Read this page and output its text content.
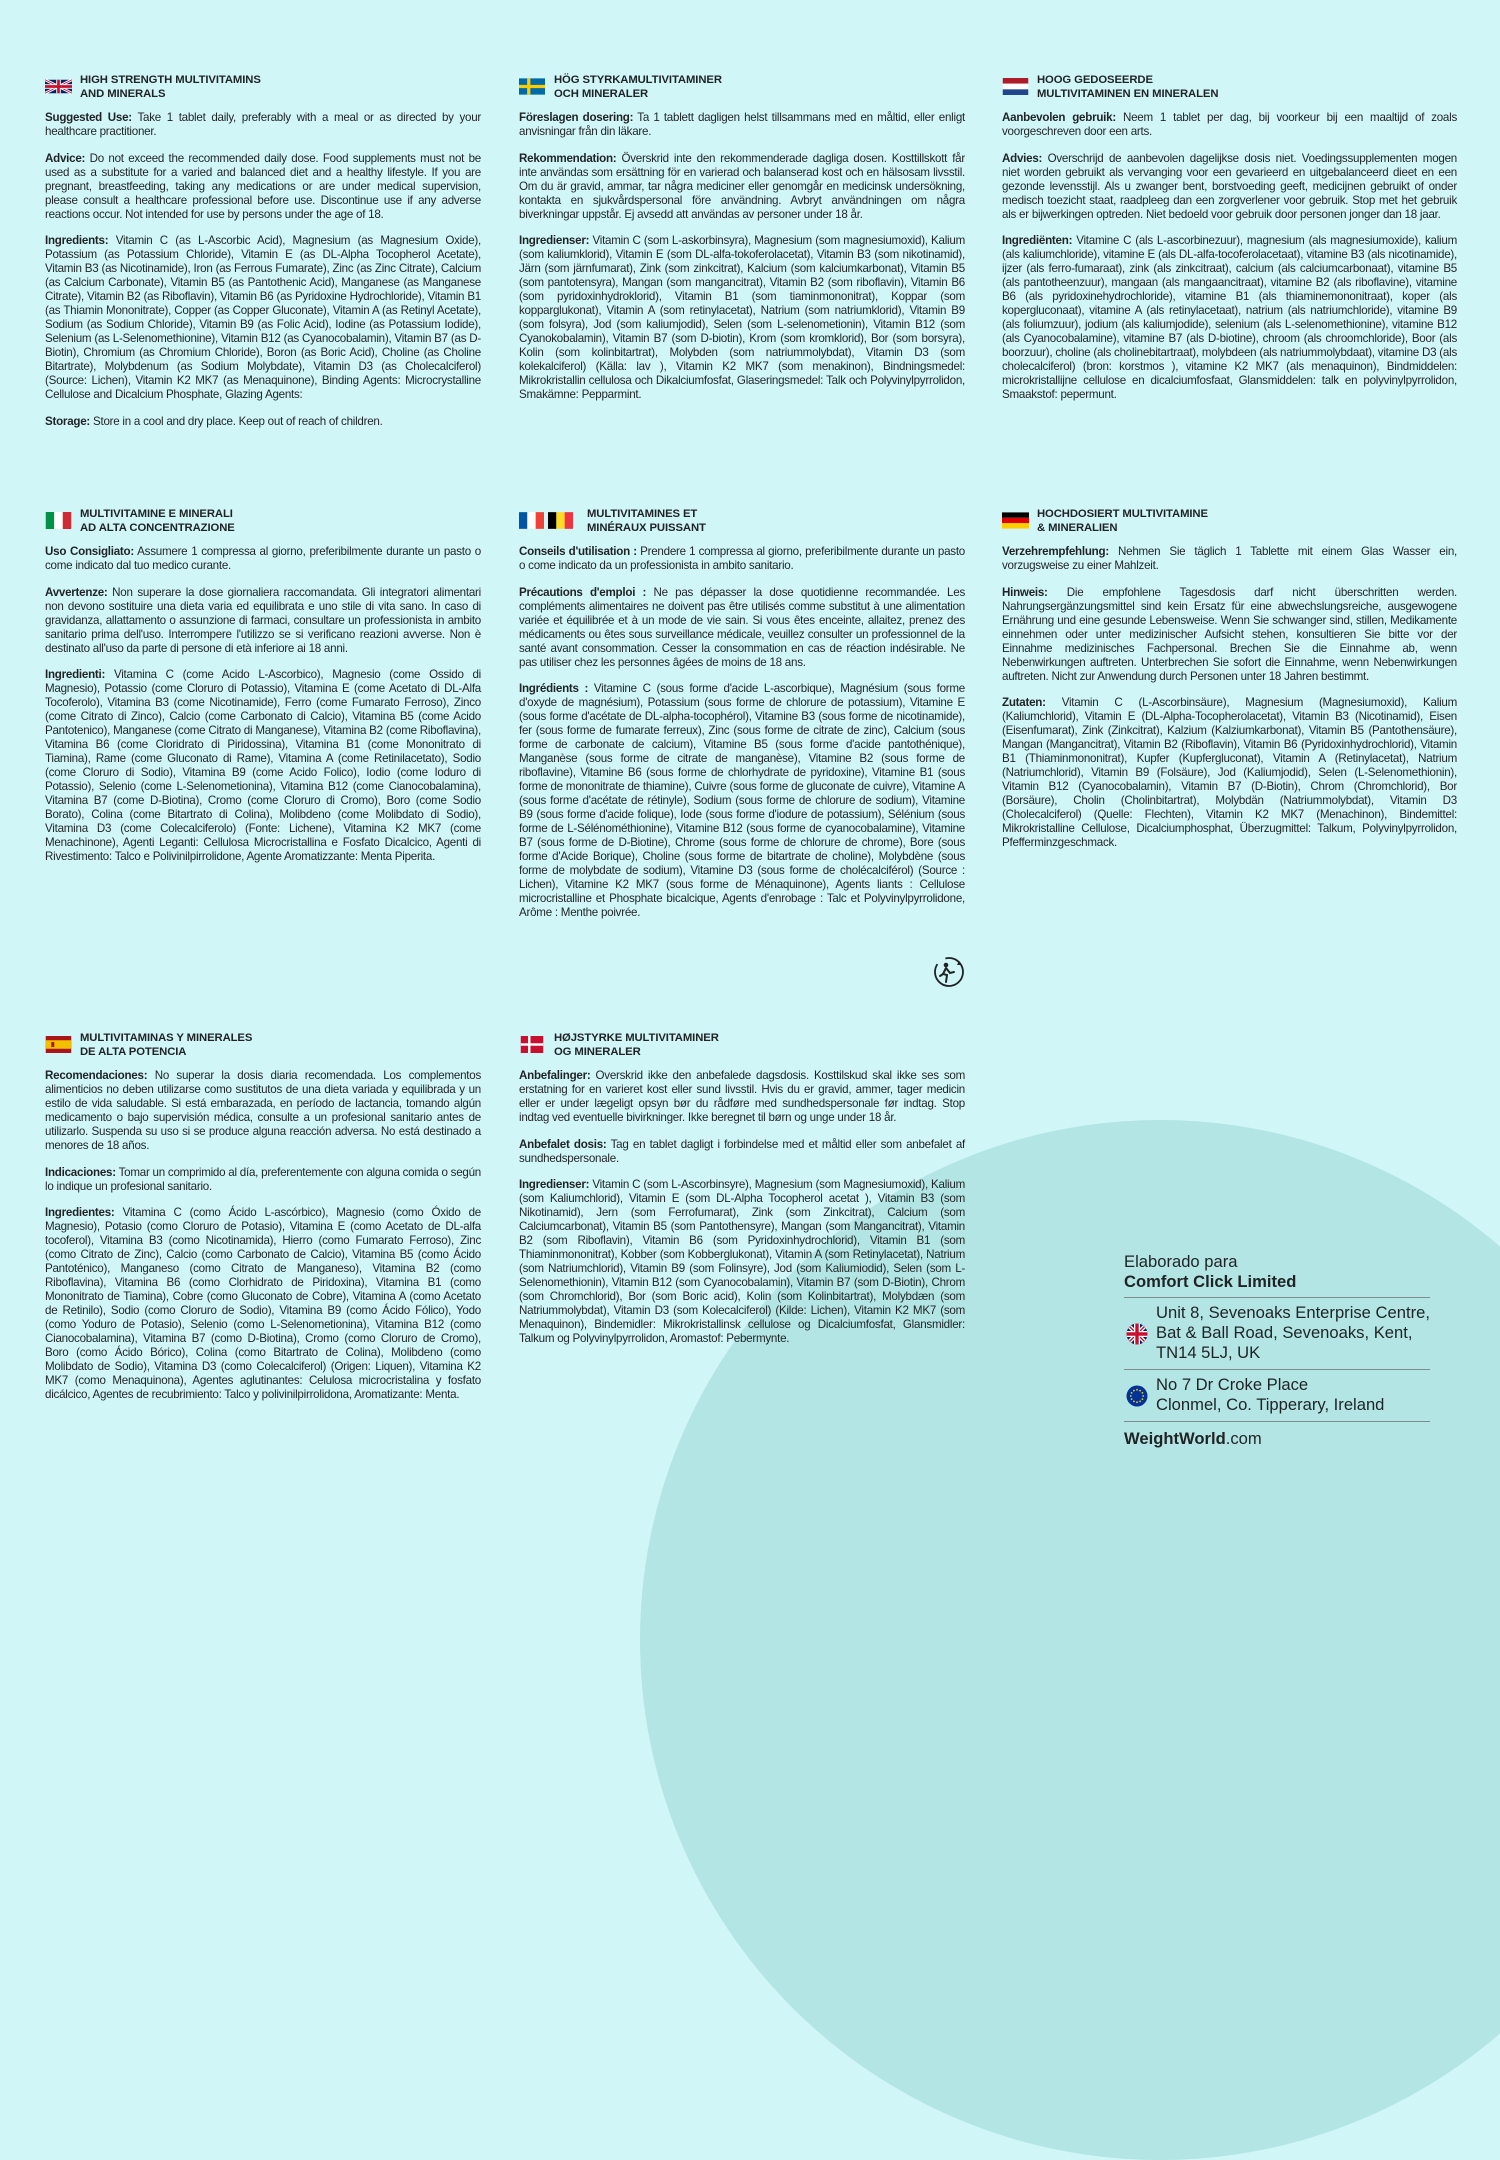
HIGH STRENGTH MULTIVITAMINS
AND MINERALS

Suggested Use: Take 1 tablet daily, preferably with a meal or as directed by your healthcare practitioner.

Advice: Do not exceed the recommended daily dose. Food supplements must not be used as a substitute for a varied and balanced diet and a healthy lifestyle. If you are pregnant, breastfeeding, taking any medications or are under medical supervision, please consult a healthcare professional before use. Discontinue use if any adverse reactions occur. Not intended for use by persons under the age of 18.

Ingredients: Vitamin C (as L-Ascorbic Acid), Magnesium (as Magnesium Oxide), Potassium (as Potassium Chloride), Vitamin E (as DL-Alpha Tocopherol Acetate), Vitamin B3 (as Nicotinamide), Iron (as Ferrous Fumarate), Zinc (as Zinc Citrate), Calcium (as Calcium Carbonate), Vitamin B5 (as Pantothenic Acid), Manganese (as Manganese Citrate), Vitamin B2 (as Riboflavin), Vitamin B6 (as Pyridoxine Hydrochloride), Vitamin B1 (as Thiamin Mononitrate), Copper (as Copper Gluconate), Vitamin A (as Retinyl Acetate), Sodium (as Sodium Chloride), Vitamin B9 (as Folic Acid), Iodine (as Potassium Iodide), Selenium (as L-Selenomethionine), Vitamin B12 (as Cyanocobalamin), Vitamin B7 (as D-Biotin), Chromium (as Chromium Chloride), Boron (as Boric Acid), Choline (as Choline Bitartrate), Molybdenum (as Sodium Molybdate), Vitamin D3 (as Cholecalciferol) (Source: Lichen), Vitamin K2 MK7 (as Menaquinone), Binding Agents: Microcrystalline Cellulose and Dicalcium Phosphate, Glazing Agents:

Storage: Store in a cool and dry place. Keep out of reach of children.

HÖG STYRKAMULTIVITAMINER
OCH MINERALER

Föreslagen dosering: Ta 1 tablett dagligen helst tillsammans med en måltid, eller enligt anvisningar från din läkare.

Rekommendation: Överskrid inte den rekommenderade dagliga dosen. Kosttillskott får inte användas som ersättning för en varierad och balanserad kost och en hälsosam livsstil. Om du är gravid, ammar, tar några mediciner eller genomgår en medicinsk undersökning, kontakta en sjukvårdspersonal före användning. Avbryt användningen om några biverkningar uppstår. Ej avsedd att användas av personer under 18 år.

Ingredienser: Vitamin C (som L-askorbinsyra), Magnesium (som magnesiumoxid), Kalium (som kaliumklorid), Vitamin E (som DL-alfa-tokoferolacetat), Vitamin B3 (som nikotinamid), Järn (som järnfumarat), Zink (som zinkcitrat), Kalcium (som kalciumkarbonat), Vitamin B5 (som pantotensyra), Mangan (som mangancitrat), Vitamin B2 (som riboflavin), Vitamin B6 (som pyridoxinhydroklorid), Vitamin B1 (som tiaminmononitrat), Koppar (som kopparglukonat), Vitamin A (som retinylacetat), Natrium (som natriumklorid), Vitamin B9 (som folsyra), Jod (som kaliumjodid), Selen (som L-selenometionin), Vitamin B12 (som Cyanokobalamin), Vitamin B7 (som D-biotin), Krom (som kromklorid), Bor (som borsyra), Kolin (som kolinbitartrat), Molybden (som natriummolybdat), Vitamin D3 (som kolekalciferol) (Källa: lav ), Vitamin K2 MK7 (som menakinon), Bindningsmedel: Mikrokristallin cellulosa och Dikalciumfosfat, Glaseringsmedel: Talk och Polyvinylpyrrolidon, Smakämne: Pepparmint.

HOOG GEDOSEERDE
MULTIVITAMINEN EN MINERALEN

Aanbevolen gebruik: Neem 1 tablet per dag, bij voorkeur bij een maaltijd of zoals voorgeschreven door een arts.

Advies: Overschrijd de aanbevolen dagelijkse dosis niet. Voedingssupplementen mogen niet worden gebruikt als vervanging voor een gevarieerd en uitgebalanceerd dieet en een gezonde levensstijl. Als u zwanger bent, borstvoeding geeft, medicijnen gebruikt of onder medisch toezicht staat, raadpleeg dan een zorgverlener voor gebruik. Stop met het gebruik als er bijwerkingen optreden. Niet bedoeld voor gebruik door personen jonger dan 18 jaar.

Ingrediënten: Vitamine C (als L-ascorbinezuur), magnesium (als magnesiumoxide), kalium (als kaliumchloride), vitamine E (als DL-alfa-tocoferolacetaat), vitamine B3 (als nicotinamide), ijzer (als ferro-fumaraat), zink (als zinkcitraat), calcium (als calciumcarbonaat), vitamine B5 (als pantotheenzuur), mangaan (als mangaancitraat), vitamine B2 (als riboflavine), vitamine B6 (als pyridoxinehydrochloride), vitamine B1 (als thiaminemononitraat), koper (als kopergluconaat), vitamine A (als retinylacetaat), natrium (als natriumchloride), vitamine B9 (als foliumzuur), jodium (als kaliumjodide), selenium (als L-selenomethionine), vitamine B12 (als Cyanocobalamine), vitamine B7 (als D-biotine), chroom (als chroomchloride), Boor (als boorzuur), choline (als cholinebitartraat), molybdeen (als natriummolybdaat), vitamine D3 (als cholecalciferol) (bron: korstmos ), vitamine K2 MK7 (als menaquinon), Bindmiddelen: microkristallijne cellulose en dicalciumfosfaat, Glansmiddelen: talk en polyvinylpyrrolidon, Smaakstof: pepermunt.

MULTIVITAMINE E MINERALI
AD ALTA CONCENTRAZIONE

Uso Consigliato: Assumere 1 compressa al giorno, preferibilmente durante un pasto o come indicato dal tuo medico curante.

Avvertenze: Non superare la dose giornaliera raccomandata. Gli integratori alimentari non devono sostituire una dieta varia ed equilibrata e uno stile di vita sano. In caso di gravidanza, allattamento o assunzione di farmaci, consultare un professionista in ambito sanitario prima dell'uso. Interrompere l'utilizzo se si verificano reazioni avverse. Non è destinato all'uso da parte di persone di età inferiore ai 18 anni.

Ingredienti: Vitamina C (come Acido L-Ascorbico), Magnesio (come Ossido di Magnesio), Potassio (come Cloruro di Potassio), Vitamina E (come Acetato di DL-Alfa Tocoferolo), Vitamina B3 (come Nicotinamide), Ferro (come Fumarato Ferroso), Zinco (come Citrato di Zinco), Calcio (come Carbonato di Calcio), Vitamina B5 (come Acido Pantotenico), Manganese (come Citrato di Manganese), Vitamina B2 (come Riboflavina), Vitamina B6 (come Cloridrato di Piridossina), Vitamina B1 (come Mononitrato di Tiamina), Rame (come Gluconato di Rame), Vitamina A (come Retinilacetato), Sodio (come Cloruro di Sodio), Vitamina B9 (come Acido Folico), Iodio (come Ioduro di Potassio), Selenio (come L-Selenometionina), Vitamina B12 (come Cianocobalamina), Vitamina B7 (come D-Biotina), Cromo (come Cloruro di Cromo), Boro (come Sodio Borato), Colina (come Bitartrato di Colina), Molibdeno (come Molibdato di Sodio), Vitamina D3 (come Colecalciferolo) (Fonte: Lichene), Vitamina K2 MK7 (come Menachinone), Agenti Leganti: Cellulosa Microcristallina e Fosfato Dicalcico, Agenti di Rivestimento: Talco e Polivinilpirrolidone, Agente Aromatizzante: Menta Piperita.

MULTIVITAMINES ET
MINÉRAUX PUISSANT

Conseils d'utilisation : Prendere 1 compressa al giorno, preferibilmente durante un pasto o come indicato da un professionista in ambito sanitario.

Précautions d'emploi : Ne pas dépasser la dose quotidienne recommandée. Les compléments alimentaires ne doivent pas être utilisés comme substitut à une alimentation variée et équilibrée et à un mode de vie sain. Si vous êtes enceinte, allaitez, prenez des médicaments ou êtes sous surveillance médicale, veuillez consulter un professionnel de la santé avant consommation. Cesser la consommation en cas de réaction indésirable. Ne pas utiliser chez les personnes âgées de moins de 18 ans.

Ingrédients : Vitamine C (sous forme d'acide L-ascorbique), Magnésium (sous forme d'oxyde de magnésium), Potassium (sous forme de chlorure de potassium), Vitamine E (sous forme d'acétate de DL-alpha-tocophérol), Vitamine B3 (sous forme de nicotinamide), fer (sous forme de fumarate ferreux), Zinc (sous forme de citrate de zinc), Calcium (sous forme de carbonate de calcium), Vitamine B5 (sous forme d'acide pantothénique), Manganèse (sous forme de citrate de manganèse), Vitamine B2 (sous forme de riboflavine), Vitamine B6 (sous forme de chlorhydrate de pyridoxine), Vitamine B1 (sous forme de mononitrate de thiamine), Cuivre (sous forme de gluconate de cuivre), Vitamine A (sous forme d'acétate de rétinyle), Sodium (sous forme de chlorure de sodium), Vitamine B9 (sous forme d'acide folique), Iode (sous forme d'iodure de potassium), Sélénium (sous forme de L-Sélénométhionine), Vitamine B12 (sous forme de cyanocobalamine), Vitamine B7 (sous forme de D-Biotine), Chrome (sous forme de chlorure de chrome), Bore (sous forme d'Acide Borique), Choline (sous forme de bitartrate de choline), Molybdène (sous forme de molybdate de sodium), Vitamine D3 (sous forme de cholécalciférol) (Source : Lichen), Vitamine K2 MK7 (sous forme de Ménaquinone), Agents liants : Cellulose microcristalline et Phosphate bicalcique, Agents d'enrobage : Talc et Polyvinylpyrrolidone, Arôme : Menthe poivrée.

HOCHDOSIERT MULTIVITAMINE
& MINERALIEN

Verzehrempfehlung: Nehmen Sie täglich 1 Tablette mit einem Glas Wasser ein, vorzugsweise zu einer Mahlzeit.

Hinweis: Die empfohlene Tagesdosis darf nicht überschritten werden. Nahrungsergänzungsmittel sind kein Ersatz für eine abwechslungsreiche, ausgewogene Ernährung und eine gesunde Lebensweise. Wenn Sie schwanger sind, stillen, Medikamente einnehmen oder unter medizinischer Aufsicht stehen, konsultieren Sie bitte vor der Einnahme medizinisches Fachpersonal. Brechen Sie die Einnahme ab, wenn Nebenwirkungen auftreten. Unterbrechen Sie sofort die Einnahme, wenn Nebenwirkungen auftreten. Nicht zur Anwendung durch Personen unter 18 Jahren bestimmt.

Zutaten: Vitamin C (L-Ascorbinsäure), Magnesium (Magnesiumoxid), Kalium (Kaliumchlorid), Vitamin E (DL-Alpha-Tocopherolacetat), Vitamin B3 (Nicotinamid), Eisen (Eisenfumarat), Zink (Zinkcitrat), Kalzium (Kalziumkarbonat), Vitamin B5 (Pantothensäure), Mangan (Mangancitrat), Vitamin B2 (Riboflavin), Vitamin B6 (Pyridoxinhydrochlorid), Vitamin B1 (Thiaminmononitrat), Kupfer (Kupfergluconat), Vitamin A (Retinylacetat), Natrium (Natriumchlorid), Vitamin B9 (Folsäure), Jod (Kaliumjodid), Selen (L-Selenomethionin), Vitamin B12 (Cyanocobalamin), Vitamin B7 (D-Biotin), Chrom (Chromchlorid), Bor (Borsäure), Cholin (Cholinbitartrat), Molybdän (Natriummolybdat), Vitamin D3 (Cholecalciferol) (Quelle: Flechten), Vitamin K2 MK7 (Menachinon), Bindemittel: Mikrokristalline Cellulose, Dicalciumphosphat, Überzugmittel: Talkum, Polyvinylpyrrolidon, Pfefferminzgeschmack.

MULTIVITAMINAS Y MINERALES
DE ALTA POTENCIA

Recomendaciones: No superar la dosis diaria recomendada. Los complementos alimenticios no deben utilizarse como sustitutos de una dieta variada y equilibrada y un estilo de vida saludable. Si está embarazada, en período de lactancia, tomando algún medicamento o bajo supervisión médica, consulte a un profesional sanitario antes de utilizarlo. Suspenda su uso si se produce alguna reacción adversa. No está destinado a menores de 18 años.

Indicaciones: Tomar un comprimido al día, preferentemente con alguna comida o según lo indique un profesional sanitario.

Ingredientes: Vitamina C (como Ácido L-ascórbico), Magnesio (como Óxido de Magnesio), Potasio (como Cloruro de Potasio), Vitamina E (como Acetato de DL-alfa tocoferol), Vitamina B3 (como Nicotinamida), Hierro (como Fumarato Ferroso), Zinc (como Citrato de Zinc), Calcio (como Carbonato de Calcio), Vitamina B5 (como Ácido Pantoténico), Manganeso (como Citrato de Manganeso), Vitamina B2 (como Riboflavina), Vitamina B6 (como Clorhidrato de Piridoxina), Vitamina B1 (como Mononitrato de Tiamina), Cobre (como Gluconato de Cobre), Vitamina A (como Acetato de Retinilo), Sodio (como Cloruro de Sodio), Vitamina B9 (como Ácido Fólico), Yodo (como Yoduro de Potasio), Selenio (como L-Selenometionina), Vitamina B12 (como Cianocobalamina), Vitamina B7 (como D-Biotina), Cromo (como Cloruro de Cromo), Boro (como Ácido Bórico), Colina (como Bitartrato de Colina), Molibdeno (como Molibdato de Sodio), Vitamina D3 (como Colecalciferol) (Origen: Liquen), Vitamina K2 MK7 (como Menaquinona), Agentes aglutinantes: Celulosa microcristalina y fosfato dicálcico, Agentes de recubrimiento: Talco y polivinilpirrolidona, Aromatizante: Menta.

HØJSTYRKE MULTIVITAMINER
OG MINERALER

Anbefalinger: Overskrid ikke den anbefalede dagsdosis. Kosttilskud skal ikke ses som erstatning for en varieret kost eller sund livsstil. Hvis du er gravid, ammer, tager medicin eller er under lægeligt opsyn bør du rådføre med sundhedspersonale før indtag. Stop indtag ved eventuelle bivirkninger. Ikke beregnet til børn og unge under 18 år.

Anbefalet dosis: Tag en tablet dagligt i forbindelse med et måltid eller som anbefalet af sundhedspersonale.

Ingredienser: Vitamin C (som L-Ascorbinsyre), Magnesium (som Magnesiumoxid), Kalium (som Kaliumchlorid), Vitamin E (som DL-Alpha Tocopherol acetat ), Vitamin B3 (som Nikotinamid), Jern (som Ferrofumarat), Zink (som Zinkcitrat), Calcium (som Calciumcarbonat), Vitamin B5 (som Pantothensyre), Mangan (som Mangancitrat), Vitamin B2 (som Riboflavin), Vitamin B6 (som Pyridoxinhydrochlorid), Vitamin B1 (som Thiaminmononitrat), Kobber (som Kobberglukonat), Vitamin A (som Retinylacetat), Natrium (som Natriumchlorid), Vitamin B9 (som Folinsyre), Jod (som Kaliumiodid), Selen (som L-Selenomethionin), Vitamin B12 (som Cyanocobalamin), Vitamin B7 (som D-Biotin), Chrom (som Chromchlorid), Bor (som Boric acid), Kolin (som Kolinbitartrat), Molybdæn (som Natriummolybdat), Vitamin D3 (som Kolecalciferol) (Kilde: Lichen), Vitamin K2 MK7 (som Menaquinon), Bindemidler: Mikrokristallinsk cellulose og Dicalciumfosfat, Glansmidler: Talkum og Polyvinylpyrrolidon, Aromastof: Pebermynte.

Elaborado para
Comfort Click Limited
Unit 8, Sevenoaks Enterprise Centre,
Bat & Ball Road, Sevenoaks, Kent,
TN14 5LJ, UK
No 7 Dr Croke Place
Clonmel, Co. Tipperary, Ireland
WeightWorld.com
